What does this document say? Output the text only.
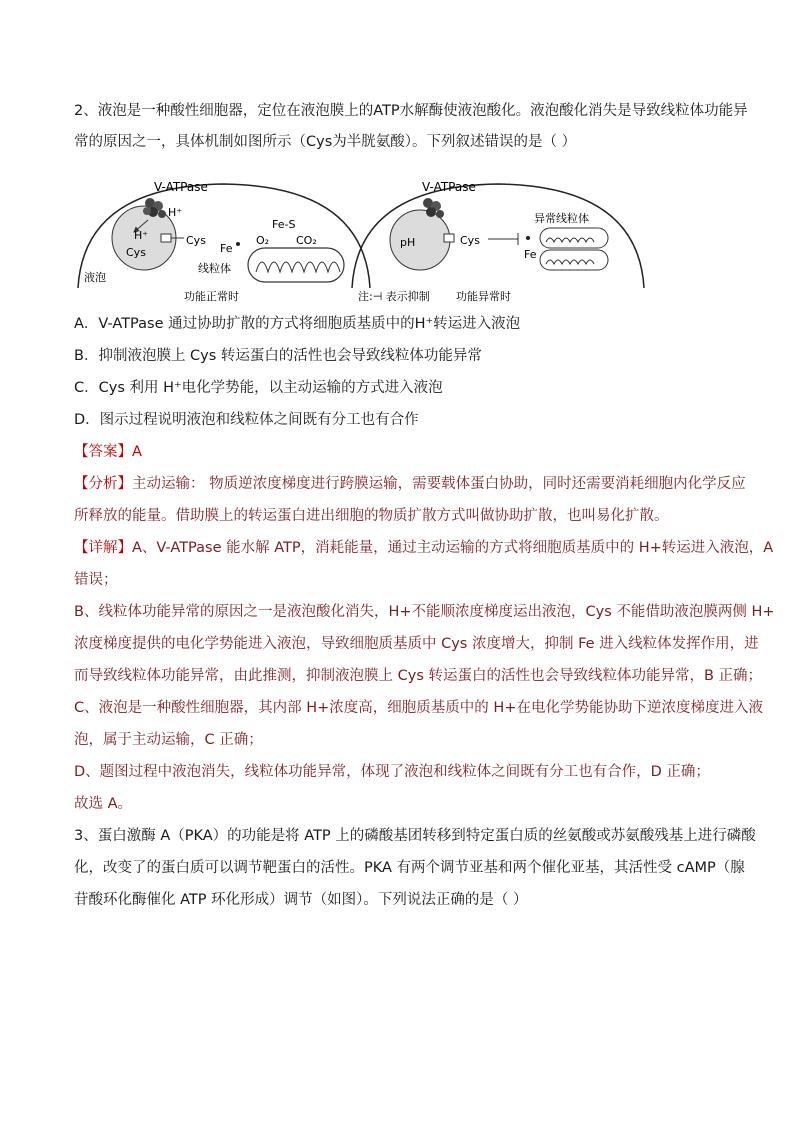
2、液泡是一种酸性细胞器，定位在液泡膜上的ATP水解酶使液泡酸化。液泡酸化消失是导致线粒体功能异
常的原因之一，具体机制如图所示（Cys为半胱氨酸）。下列叙述错误的是（ ）
V-ATPase
H⁺
H⁺
Cys
Cys
Fe-S
Fe
O₂ CO₂
线粒体
液泡
功能正常时
V-ATPase
pH	Cys
Fe
异常线粒体
注:⊣ 表示抑制 功能异常时
A．V-ATPase 通过协助扩散的方式将细胞质基质中的H⁺转运进入液泡
B．抑制液泡膜上 Cys 转运蛋白的活性也会导致线粒体功能异常
C．Cys 利用 H⁺电化学势能，以主动运输的方式进入液泡
D．图示过程说明液泡和线粒体之间既有分工也有合作
【答案】A
【分析】主动运输： 物质逆浓度梯度进行跨膜运输，需要载体蛋白协助，同时还需要消耗细胞内化学反应
所释放的能量。借助膜上的转运蛋白进出细胞的物质扩散方式叫做协助扩散，也叫易化扩散。
【详解】A、V-ATPase 能水解 ATP，消耗能量，通过主动运输的方式将细胞质基质中的 H+转运进入液泡，A
错误；
B、线粒体功能异常的原因之一是液泡酸化消失，H+不能顺浓度梯度运出液泡，Cys 不能借助液泡膜两侧 H+
浓度梯度提供的电化学势能进入液泡，导致细胞质基质中 Cys 浓度增大，抑制 Fe 进入线粒体发挥作用，进
而导致线粒体功能异常，由此推测，抑制液泡膜上 Cys 转运蛋白的活性也会导致线粒体功能异常，B 正确；
C、液泡是一种酸性细胞器，其内部 H+浓度高，细胞质基质中的 H+在电化学势能协助下逆浓度梯度进入液
泡，属于主动运输，C 正确；
D、题图过程中液泡消失，线粒体功能异常，体现了液泡和线粒体之间既有分工也有合作，D 正确；
故选 A。
3、蛋白激酶 A（PKA）的功能是将 ATP 上的磷酸基团转移到特定蛋白质的丝氨酸或苏氨酸残基上进行磷酸
化，改变了的蛋白质可以调节靶蛋白的活性。PKA 有两个调节亚基和两个催化亚基，其活性受 cAMP（腺
苷酸环化酶催化 ATP 环化形成）调节（如图）。下列说法正确的是（ ）
